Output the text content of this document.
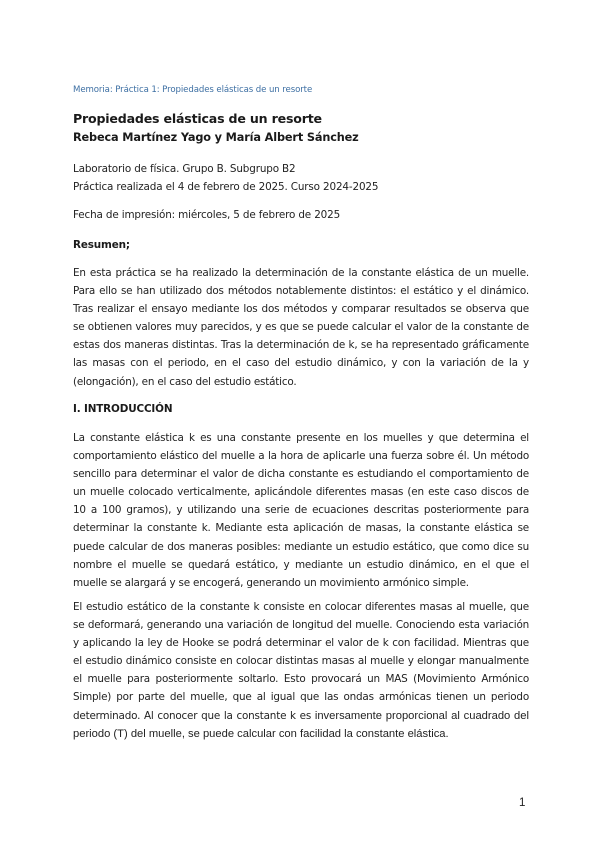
Memoria: Práctica 1: Propiedades elásticas de un resorte
Propiedades elásticas de un resorte
Rebeca Martínez Yago y María Albert Sánchez
Laboratorio de física. Grupo B. Subgrupo B2
Práctica realizada el 4 de febrero de 2025. Curso 2024-2025
Fecha de impresión: miércoles, 5 de febrero de 2025
Resumen;

En esta práctica se ha realizado la determinación de la constante elástica de un muelle. Para ello se han utilizado dos métodos notablemente distintos: el estático y el dinámico. Tras realizar el ensayo mediante los dos métodos y comparar resultados se observa que se obtienen valores muy parecidos, y es que se puede calcular el valor de la constante de estas dos maneras distintas. Tras la determinación de k, se ha representado gráficamente las masas con el periodo, en el caso del estudio dinámico, y con la variación de la y (elongación), en el caso del estudio estático.

I. INTRODUCCIÓN

La constante elástica k es una constante presente en los muelles y que determina el comportamiento elástico del muelle a la hora de aplicarle una fuerza sobre él. Un método sencillo para determinar el valor de dicha constante es estudiando el comportamiento de un muelle colocado verticalmente, aplicándole diferentes masas (en este caso discos de 10 a 100 gramos), y utilizando una serie de ecuaciones descritas posteriormente para determinar la constante k. Mediante esta aplicación de masas, la constante elástica se puede calcular de dos maneras posibles: mediante un estudio estático, que como dice su nombre el muelle se quedará estático, y mediante un estudio dinámico, en el que el muelle se alargará y se encogerá, generando un movimiento armónico simple.

El estudio estático de la constante k consiste en colocar diferentes masas al muelle, que se deformará, generando una variación de longitud del muelle. Conociendo esta variación y aplicando la ley de Hooke se podrá determinar el valor de k con facilidad. Mientras que el estudio dinámico consiste en colocar distintas masas al muelle y elongar manualmente el muelle para posteriormente soltarlo. Esto provocará un MAS (Movimiento Armónico Simple) por parte del muelle, que al igual que las ondas armónicas tienen un periodo determinado. Al conocer que la constante k es inversamente proporcional al cuadrado del periodo (T) del muelle, se puede calcular con facilidad la constante elástica.

1
